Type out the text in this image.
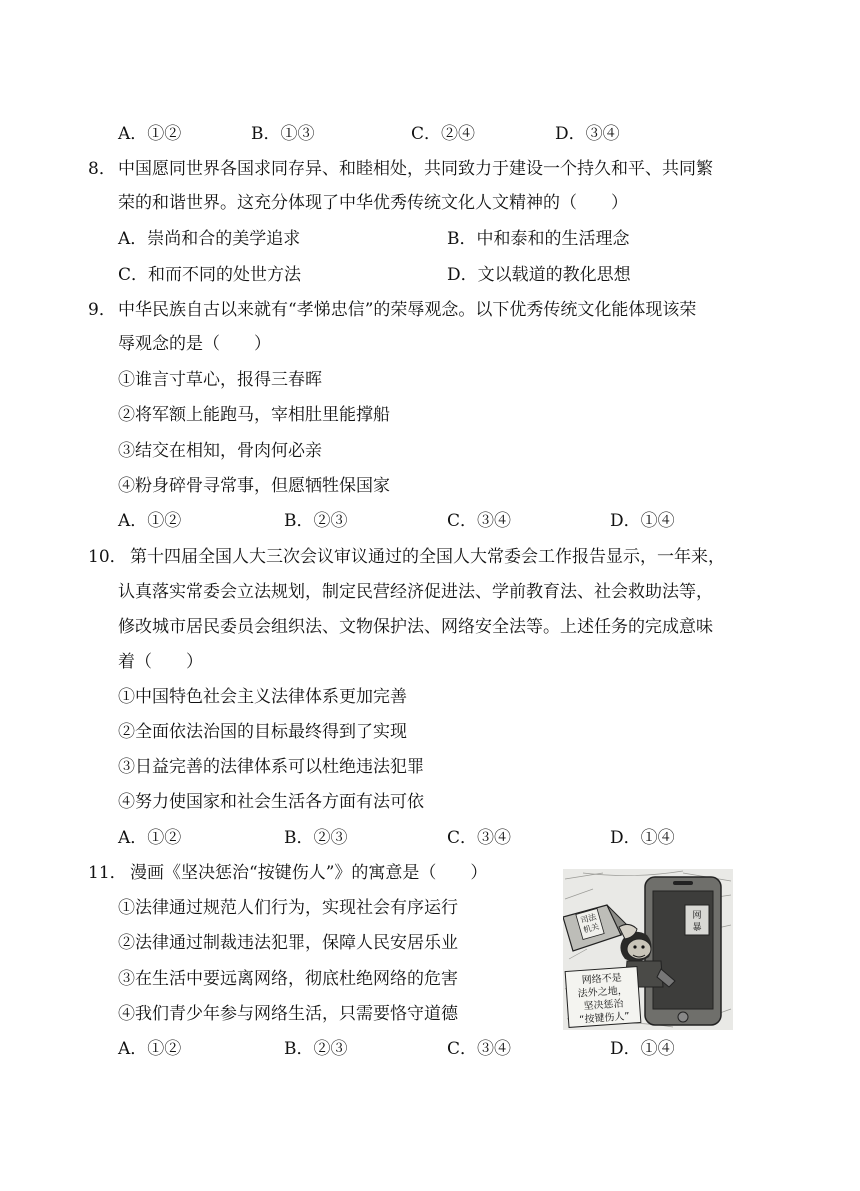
A．①②	B．①③	C．②④	D．③④
8． 中国愿同世界各国求同存异、和睦相处，共同致力于建设一个持久和平、共同繁
荣的和谐世界。这充分体现了中华优秀传统文化人文精神的（　　）
A．崇尚和合的美学追求	B．中和泰和的生活理念
C．和而不同的处世方法	D．文以载道的教化思想
9． 中华民族自古以来就有“孝悌忠信”的荣辱观念。以下优秀传统文化能体现该荣
辱观念的是（　　）
①谁言寸草心，报得三春晖
②将军额上能跑马，宰相肚里能撑船
③结交在相知，骨肉何必亲
④粉身碎骨寻常事，但愿牺牲保国家
A．①②	B．②③	C．③④	D．①④
10． 第十四届全国人大三次会议审议通过的全国人大常委会工作报告显示，一年来，
认真落实常委会立法规划，制定民营经济促进法、学前教育法、社会救助法等，
修改城市居民委员会组织法、文物保护法、网络安全法等。上述任务的完成意味
着（　　）
①中国特色社会主义法律体系更加完善
②全面依法治国的目标最终得到了实现
③日益完善的法律体系可以杜绝违法犯罪
④努力使国家和社会生活各方面有法可依
A．①②	B．②③	C．③④	D．①④
11． 漫画《坚决惩治“按键伤人”》的寓意是（　　）
①法律通过规范人们行为，实现社会有序运行
②法律通过制裁违法犯罪，保障人民安居乐业
③在生活中要远离网络，彻底杜绝网络的危害
④我们青少年参与网络生活，只需要恪守道德
A．①②	B．②③	C．③④	D．①④
网
暴
司法
机关
网络不是
法外之地，
坚决惩治
“按键伤人”
